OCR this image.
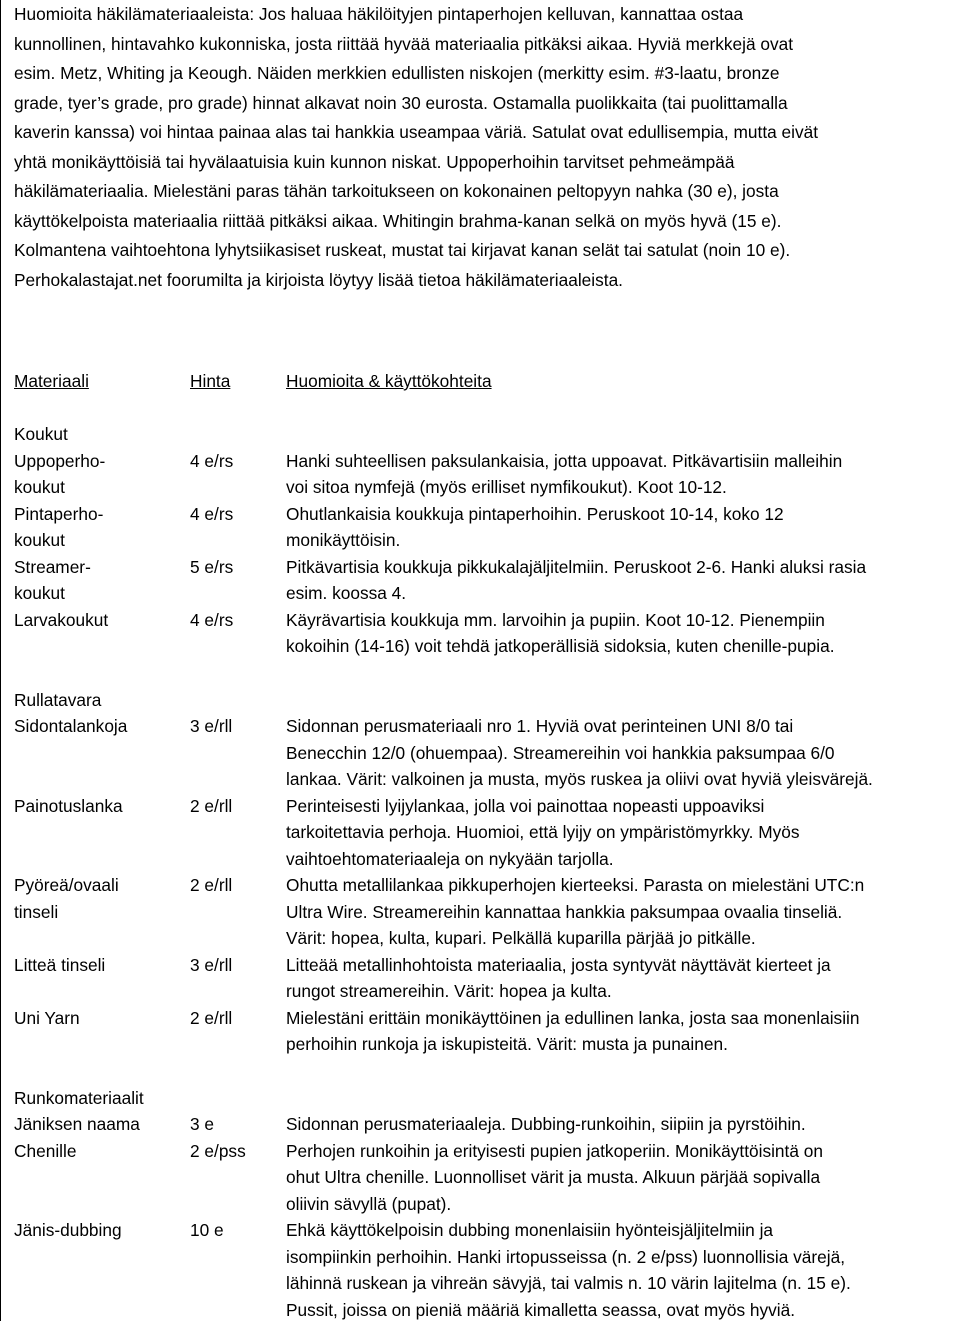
Huomioita häkilämateriaaleista: Jos haluaa häkilöityjen pintaperhojen kelluvan, kannattaa ostaa
kunnollinen, hintavahko kukonniska, josta riittää hyvää materiaalia pitkäksi aikaa. Hyviä merkkejä ovat
esim. Metz, Whiting ja Keough. Näiden merkkien edullisten niskojen (merkitty esim. #3-laatu, bronze
grade, tyer’s grade, pro grade) hinnat alkavat noin 30 eurosta. Ostamalla puolikkaita (tai puolittamalla
kaverin kanssa) voi hintaa painaa alas tai hankkia useampaa väriä. Satulat ovat edullisempia, mutta eivät
yhtä monikäyttöisiä tai hyvälaatuisia kuin kunnon niskat. Uppoperhoihin tarvitset pehmeämpää
häkilämateriaalia. Mielestäni paras tähän tarkoitukseen on kokonainen peltopyyn nahka (30 e), josta
käyttökelpoista materiaalia riittää pitkäksi aikaa. Whitingin brahma-kanan selkä on myös hyvä (15 e).
Kolmantena vaihtoehtona lyhytsiikasiset ruskeat, mustat tai kirjavat kanan selät tai satulat (noin 10 e).
Perhokalastajat.net foorumilta ja kirjoista löytyy lisää tietoa häkilämateriaaleista.
Materiaali	Hinta	Huomioita & käyttökohteita
Koukut
Uppoperho-
koukut
4 e/rs	Hanki suhteellisen paksulankaisia, jotta uppoavat. Pitkävartisiin malleihin
voi sitoa nymfejä (myös erilliset nymfikoukut). Koot 10-12.
Pintaperho-
koukut
4 e/rs	Ohutlankaisia koukkuja pintaperhoihin. Peruskoot 10-14, koko 12
monikäyttöisin.
Streamer-
koukut
5 e/rs	Pitkävartisia koukkuja pikkukalajäljitelmiin. Peruskoot 2-6. Hanki aluksi rasia
esim. koossa 4.
Larvakoukut	4 e/rs	Käyrävartisia koukkuja mm. larvoihin ja pupiin. Koot 10-12. Pienempiin
kokoihin (14-16) voit tehdä jatkoperällisiä sidoksia, kuten chenille-pupia.
Rullatavara
Sidontalankoja	3 e/rll	Sidonnan perusmateriaali nro 1. Hyviä ovat perinteinen UNI 8/0 tai
Benecchin 12/0 (ohuempaa). Streamereihin voi hankkia paksumpaa 6/0
lankaa. Värit: valkoinen ja musta, myös ruskea ja oliivi ovat hyviä yleisvärejä.
Painotuslanka	2 e/rll	Perinteisesti lyijylankaa, jolla voi painottaa nopeasti uppoaviksi
tarkoitettavia perhoja. Huomioi, että lyijy on ympäristömyrkky. Myös
vaihtoehtomateriaaleja on nykyään tarjolla.
Pyöreä/ovaali
tinseli
2 e/rll	Ohutta metallilankaa pikkuperhojen kierteeksi. Parasta on mielestäni UTC:n
Ultra Wire. Streamereihin kannattaa hankkia paksumpaa ovaalia tinseliä.
Värit: hopea, kulta, kupari. Pelkällä kuparilla pärjää jo pitkälle.
Litteä tinseli	3 e/rll	Litteää metallinhohtoista materiaalia, josta syntyvät näyttävät kierteet ja
rungot streamereihin. Värit: hopea ja kulta.
Uni Yarn	2 e/rll	Mielestäni erittäin monikäyttöinen ja edullinen lanka, josta saa monenlaisiin
perhoihin runkoja ja iskupisteitä. Värit: musta ja punainen.
Runkomateriaalit
Jäniksen naama	3 e	Sidonnan perusmateriaaleja. Dubbing-runkoihin, siipiin ja pyrstöihin.
Chenille	2 e/pss	Perhojen runkoihin ja erityisesti pupien jatkoperiin. Monikäyttöisintä on
ohut Ultra chenille. Luonnolliset värit ja musta. Alkuun pärjää sopivalla
oliivin sävyllä (pupat).
Jänis-dubbing	10 e	Ehkä käyttökelpoisin dubbing monenlaisiin hyönteisjäljitelmiin ja
isompiinkin perhoihin. Hanki irtopusseissa (n. 2 e/pss) luonnollisia värejä,
lähinnä ruskean ja vihreän sävyjä, tai valmis n. 10 värin lajitelma (n. 15 e).
Pussit, joissa on pieniä määriä kimalletta seassa, ovat myös hyviä.
